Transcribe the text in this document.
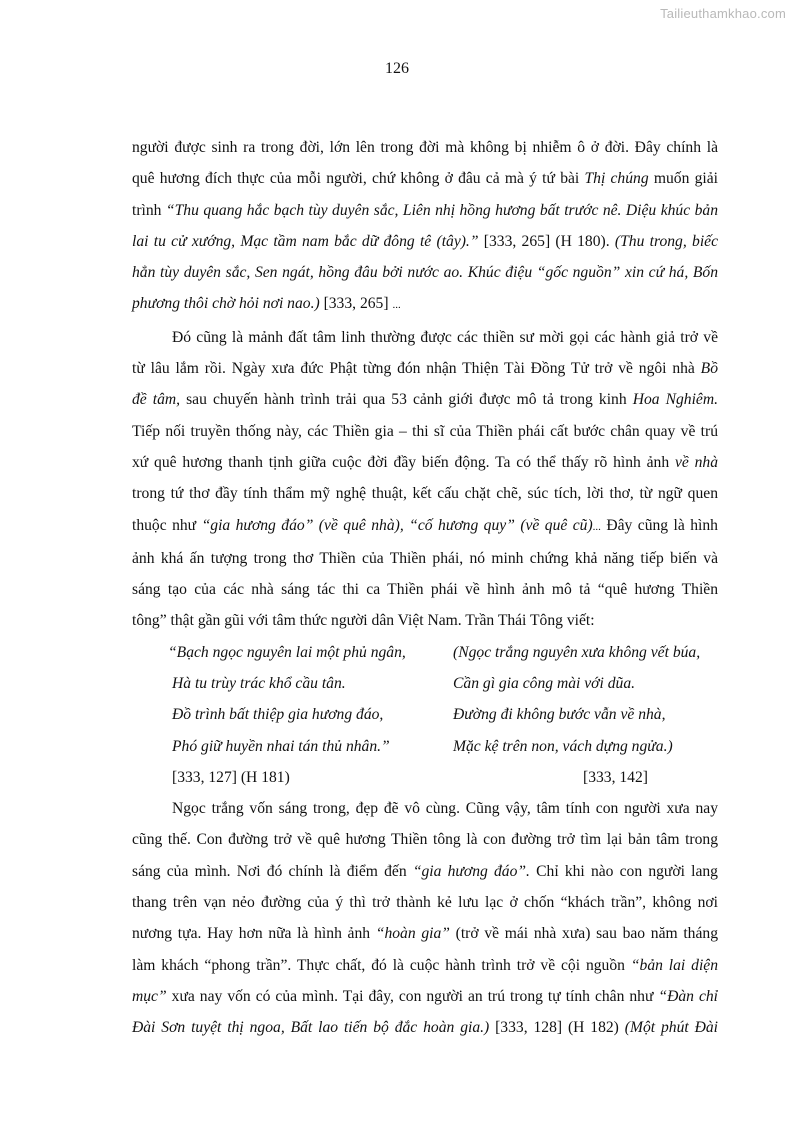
Tailieuthamkhao.com
126

người được sinh ra trong đời, lớn lên trong đời mà không bị nhiễm ô ở đời. Đây chính là
quê hương đích thực của mỗi người, chứ không ở đâu cả mà ý tứ bài Thị chúng muốn giải
trình “Thu quang hắc bạch tùy duyên sắc, Liên nhị hồng hương bất trước nê. Diệu khúc bản
lai tu cử xướng, Mạc tầm nam bắc dữ đông tê (tây).” [333, 265] (H 180). (Thu trong, biếc
hẳn tùy duyên sắc, Sen ngát, hồng đâu bởi nước ao. Khúc điệu “gốc nguồn” xin cứ há, Bốn
phương thôi chờ hỏi nơi nao.) [333, 265] ...

Đó cũng là mảnh đất tâm linh thường được các thiền sư mời gọi các hành giả trở về
từ lâu lắm rồi. Ngày xưa đức Phật từng đón nhận Thiện Tài Đồng Tử trở về ngôi nhà Bồ
đề tâm, sau chuyến hành trình trải qua 53 cảnh giới được mô tả trong kinh Hoa Nghiêm.
Tiếp nối truyền thống này, các Thiền gia – thi sĩ của Thiền phái cất bước chân quay về trú
xứ quê hương thanh tịnh giữa cuộc đời đầy biến động. Ta có thể thấy rõ hình ảnh về nhà
trong tứ thơ đầy tính thẩm mỹ nghệ thuật, kết cấu chặt chẽ, súc tích, lời thơ, từ ngữ quen
thuộc như “gia hương đáo” (về quê nhà), “cố hương quy” (về quê cũ)... Đây cũng là hình
ảnh khá ấn tượng trong thơ Thiền của Thiền phái, nó minh chứng khả năng tiếp biến và
sáng tạo của các nhà sáng tác thi ca Thiền phái về hình ảnh mô tả “quê hương Thiền
tông” thật gần gũi với tâm thức người dân Việt Nam. Trần Thái Tông viết:

“Bạch ngọc nguyên lai một phủ ngân,
Hà tu trùy trác khổ cầu tân.
Đồ trình bất thiệp gia hương đáo,
Phó giữ huyền nhai tán thủ nhân.”
(Ngọc trắng nguyên xưa không vết búa,
Cần gì gia công mài với dũa.
Đường đi không bước vẫn về nhà,
Mặc kệ trên non, vách dựng ngửa.)
[333, 127] (H 181)	[333, 142]

Ngọc trắng vốn sáng trong, đẹp đẽ vô cùng. Cũng vậy, tâm tính con người xưa nay
cũng thế. Con đường trở về quê hương Thiền tông là con đường trở tìm lại bản tâm trong
sáng của mình. Nơi đó chính là điểm đến “gia hương đáo”. Chỉ khi nào con người lang
thang trên vạn nẻo đường của ý thì trở thành kẻ lưu lạc ở chốn “khách trần”, không nơi
nương tựa. Hay hơn nữa là hình ảnh “hoàn gia” (trở về mái nhà xưa) sau bao năm tháng
làm khách “phong trần”. Thực chất, đó là cuộc hành trình trở về cội nguồn “bản lai diện
mục” xưa nay vốn có của mình. Tại đây, con người an trú trong tự tính chân như “Đàn chỉ
Đài Sơn tuyệt thị ngoa, Bất lao tiến bộ đắc hoàn gia.) [333, 128] (H 182) (Một phút Đài
